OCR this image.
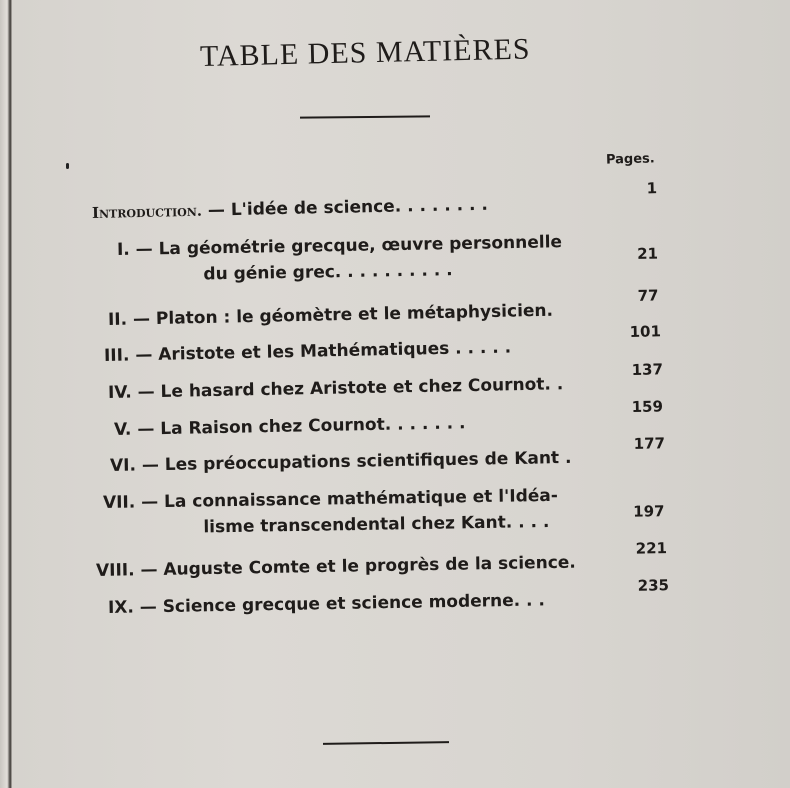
TABLE DES MATIÈRES
Pages.
Introduction. — L'idée de science. . . . . . . .
1
I. — La géométrie grecque, œuvre personnelle
du génie grec. . . . . . . . . .
21
II. — Platon : le géomètre et le métaphysicien.
77
III. — Aristote et les Mathématiques . . . . .
101
IV. — Le hasard chez Aristote et chez Cournot. .
137
V. — La Raison chez Cournot. . . . . . .
159
VI. — Les préoccupations scientifiques de Kant .
177
VII. — La connaissance mathématique et l'Idéa-
lisme transcendental chez Kant. . . .
197
VIII. — Auguste Comte et le progrès de la science.
221
IX. — Science grecque et science moderne. . .
235
